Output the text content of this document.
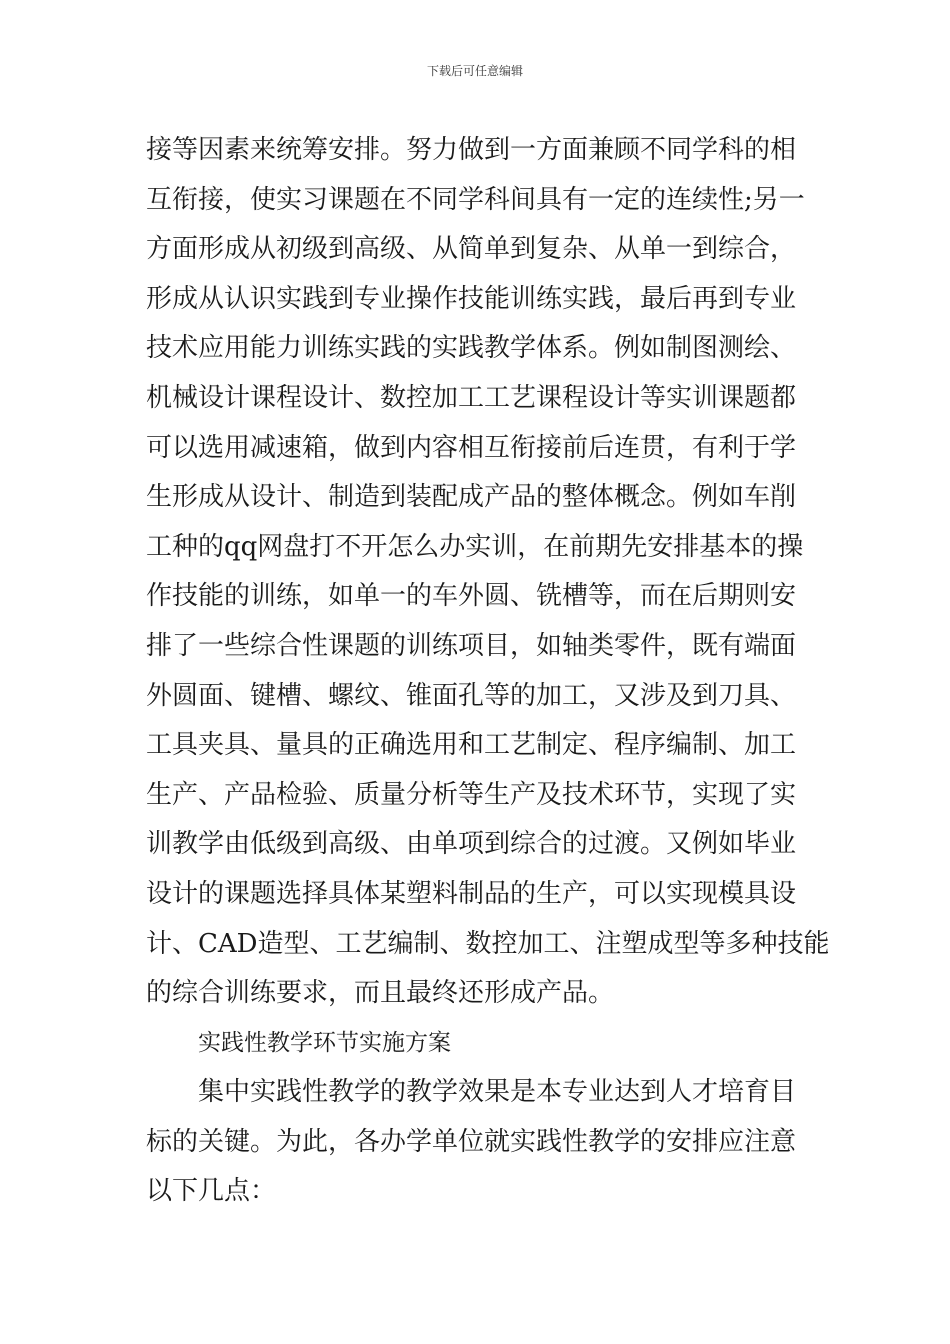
下载后可任意编辑
接等因素来统筹安排。努力做到一方面兼顾不同学科的相
互衔接，使实习课题在不同学科间具有一定的连续性;另一
方面形成从初级到高级、从简单到复杂、从单一到综合，
形成从认识实践到专业操作技能训练实践，最后再到专业
技术应用能力训练实践的实践教学体系。例如制图测绘、
机械设计课程设计、数控加工工艺课程设计等实训课题都
可以选用减速箱，做到内容相互衔接前后连贯，有利于学
生形成从设计、制造到装配成产品的整体概念。例如车削
工种的qq网盘打不开怎么办实训，在前期先安排基本的操
作技能的训练，如单一的车外圆、铣槽等，而在后期则安
排了一些综合性课题的训练项目，如轴类零件，既有端面
外圆面、键槽、螺纹、锥面孔等的加工，又涉及到刀具、
工具夹具、量具的正确选用和工艺制定、程序编制、加工
生产、产品检验、质量分析等生产及技术环节，实现了实
训教学由低级到高级、由单项到综合的过渡。又例如毕业
设计的课题选择具体某塑料制品的生产，可以实现模具设
计、CAD造型、工艺编制、数控加工、注塑成型等多种技能
的综合训练要求，而且最终还形成产品。
实践性教学环节实施方案
集中实践性教学的教学效果是本专业达到人才培育目
标的关键。为此，各办学单位就实践性教学的安排应注意
以下几点：
